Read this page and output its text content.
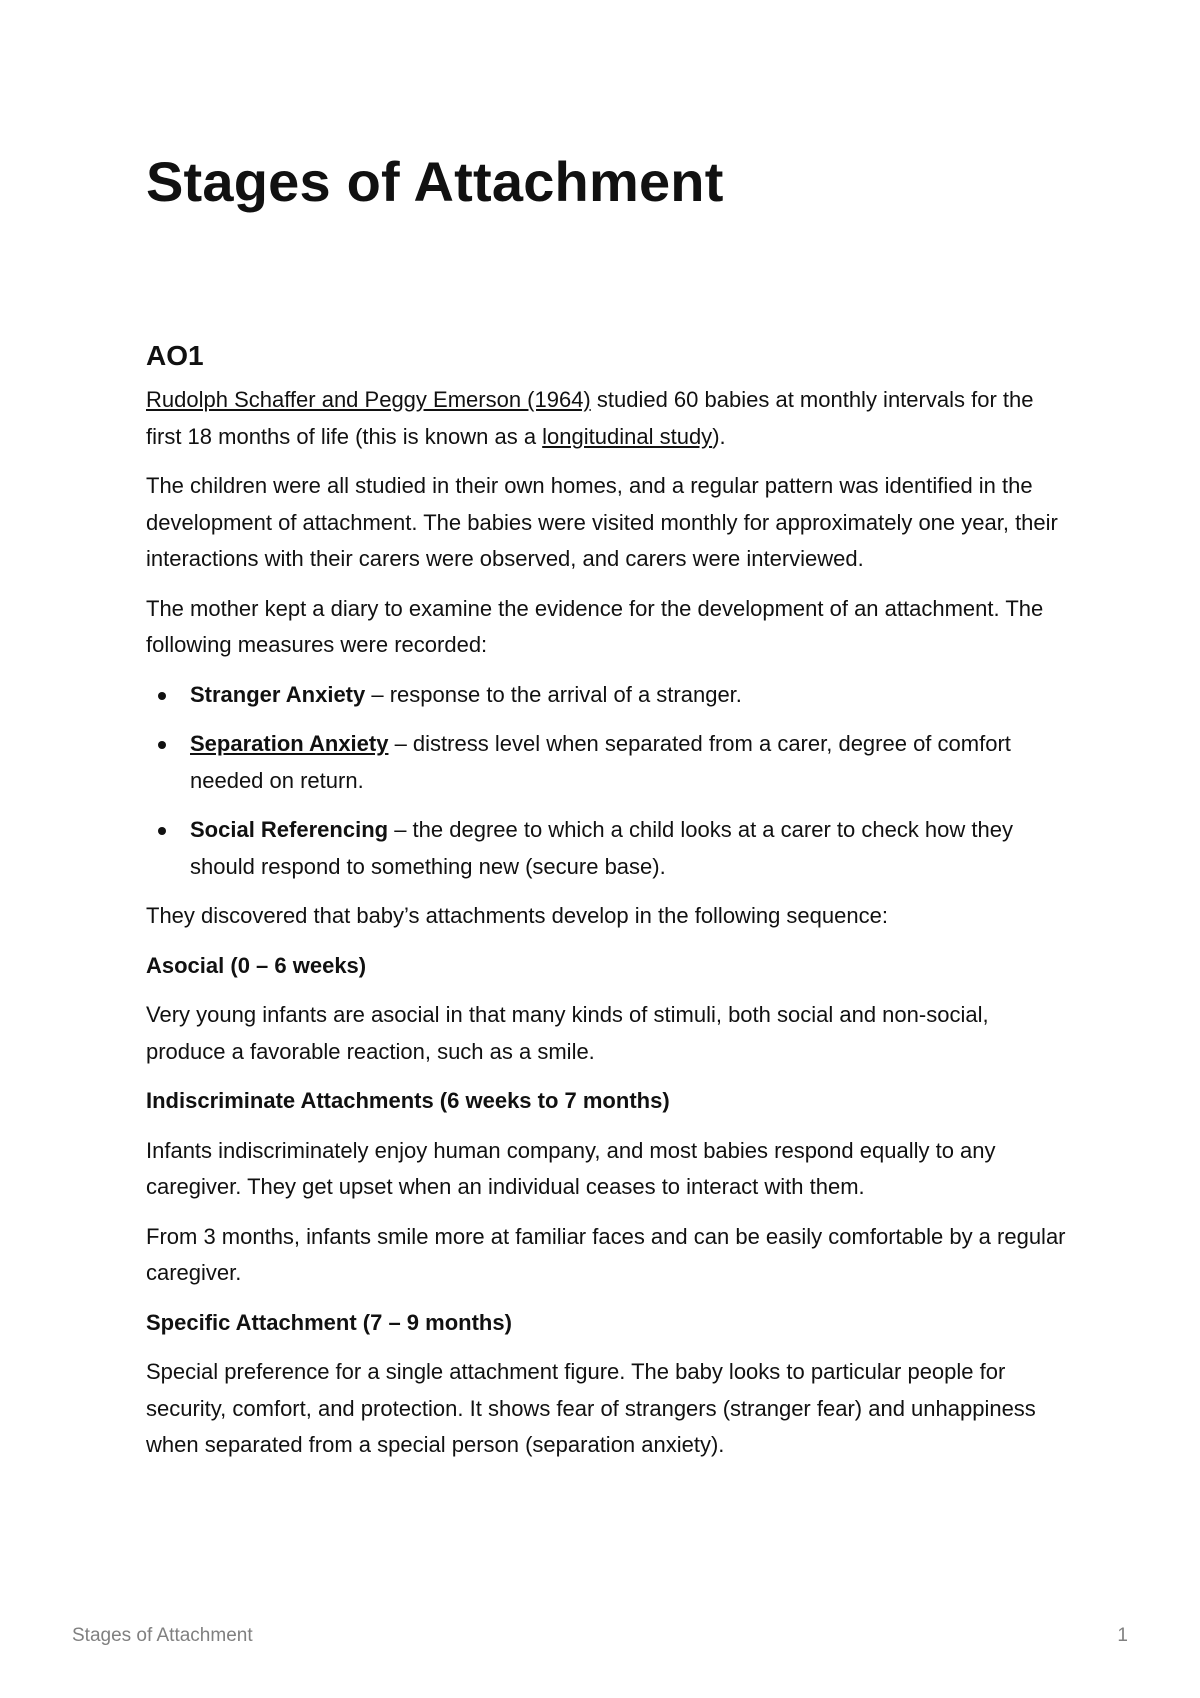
Stages of Attachment
AO1

Rudolph Schaffer and Peggy Emerson (1964) studied 60 babies at monthly intervals for the first 18 months of life (this is known as a longitudinal study).

The children were all studied in their own homes, and a regular pattern was identified in the development of attachment. The babies were visited monthly for approximately one year, their interactions with their carers were observed, and carers were interviewed.

The mother kept a diary to examine the evidence for the development of an attachment. The following measures were recorded:

Stranger Anxiety – response to the arrival of a stranger.
Separation Anxiety – distress level when separated from a carer, degree of comfort needed on return.
Social Referencing – the degree to which a child looks at a carer to check how they should respond to something new (secure base).

They discovered that baby’s attachments develop in the following sequence:

Asocial (0 – 6 weeks)

Very young infants are asocial in that many kinds of stimuli, both social and non-social, produce a favorable reaction, such as a smile.

Indiscriminate Attachments (6 weeks to 7 months)

Infants indiscriminately enjoy human company, and most babies respond equally to any caregiver. They get upset when an individual ceases to interact with them.

From 3 months, infants smile more at familiar faces and can be easily comfortable by a regular caregiver.

Specific Attachment (7 – 9 months)

Special preference for a single attachment figure. The baby looks to particular people for security, comfort, and protection. It shows fear of strangers (stranger fear) and unhappiness when separated from a special person (separation anxiety).

Stages of Attachment	1
